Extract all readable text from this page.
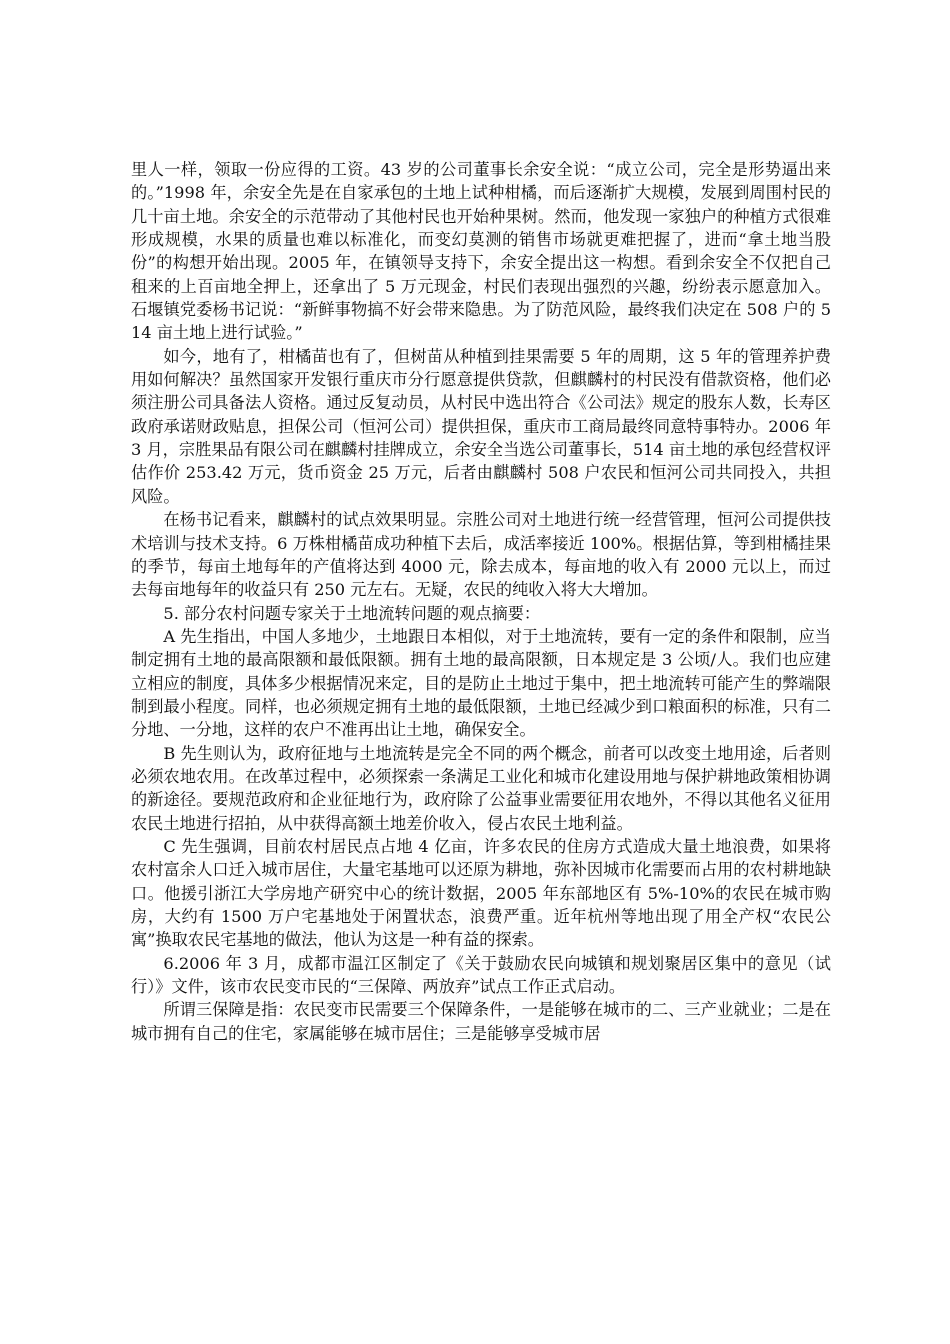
里人一样，领取一份应得的工资。43 岁的公司董事长余安全说：“成立公司，完全是形势逼出来的。”1998 年，余安全先是在自家承包的土地上试种柑橘，而后逐渐扩大规模，发展到周围村民的几十亩土地。余安全的示范带动了其他村民也开始种果树。然而，他发现一家独户的种植方式很难形成规模，水果的质量也难以标准化，而变幻莫测的销售市场就更难把握了，进而“拿土地当股份”的构想开始出现。2005 年，在镇领导支持下，余安全提出这一构想。看到余安全不仅把自己租来的上百亩地全押上，还拿出了 5 万元现金，村民们表现出强烈的兴趣，纷纷表示愿意加入。石堰镇党委杨书记说：“新鲜事物搞不好会带来隐患。为了防范风险，最终我们决定在 508 户的 514 亩土地上进行试验。”

如今，地有了，柑橘苗也有了，但树苗从种植到挂果需要 5 年的周期，这 5 年的管理养护费用如何解决？虽然国家开发银行重庆市分行愿意提供贷款，但麒麟村的村民没有借款资格，他们必须注册公司具备法人资格。通过反复动员，从村民中选出符合《公司法》规定的股东人数，长寿区政府承诺财政贴息，担保公司（恒河公司）提供担保，重庆市工商局最终同意特事特办。2006 年 3 月，宗胜果品有限公司在麒麟村挂牌成立，余安全当选公司董事长，514 亩土地的承包经营权评估作价 253.42 万元，货币资金 25 万元，后者由麒麟村 508 户农民和恒河公司共同投入，共担风险。

在杨书记看来，麒麟村的试点效果明显。宗胜公司对土地进行统一经营管理，恒河公司提供技术培训与技术支持。6 万株柑橘苗成功种植下去后，成活率接近 100%。根据估算，等到柑橘挂果的季节，每亩土地每年的产值将达到 4000 元，除去成本，每亩地的收入有 2000 元以上，而过去每亩地每年的收益只有 250 元左右。无疑，农民的纯收入将大大增加。

5. 部分农村问题专家关于土地流转问题的观点摘要：

A 先生指出，中国人多地少，土地跟日本相似，对于土地流转，要有一定的条件和限制，应当制定拥有土地的最高限额和最低限额。拥有土地的最高限额，日本规定是 3 公顷/人。我们也应建立相应的制度，具体多少根据情况来定，目的是防止土地过于集中，把土地流转可能产生的弊端限制到最小程度。同样，也必须规定拥有土地的最低限额，土地已经减少到口粮面积的标准，只有二分地、一分地，这样的农户不准再出让土地，确保安全。

B 先生则认为，政府征地与土地流转是完全不同的两个概念，前者可以改变土地用途，后者则必须农地农用。在改革过程中，必须探索一条满足工业化和城市化建设用地与保护耕地政策相协调的新途径。要规范政府和企业征地行为，政府除了公益事业需要征用农地外，不得以其他名义征用农民土地进行招拍，从中获得高额土地差价收入，侵占农民土地利益。

C 先生强调，目前农村居民点占地 4 亿亩，许多农民的住房方式造成大量土地浪费，如果将农村富余人口迁入城市居住，大量宅基地可以还原为耕地，弥补因城市化需要而占用的农村耕地缺口。他援引浙江大学房地产研究中心的统计数据，2005 年东部地区有 5%-10%的农民在城市购房，大约有 1500 万户宅基地处于闲置状态，浪费严重。近年杭州等地出现了用全产权“农民公寓”换取农民宅基地的做法，他认为这是一种有益的探索。

6.2006 年 3 月，成都市温江区制定了《关于鼓励农民向城镇和规划聚居区集中的意见（试行）》文件，该市农民变市民的“三保障、两放弃”试点工作正式启动。

所谓三保障是指：农民变市民需要三个保障条件，一是能够在城市的二、三产业就业；二是在城市拥有自己的住宅，家属能够在城市居住；三是能够享受城市居
